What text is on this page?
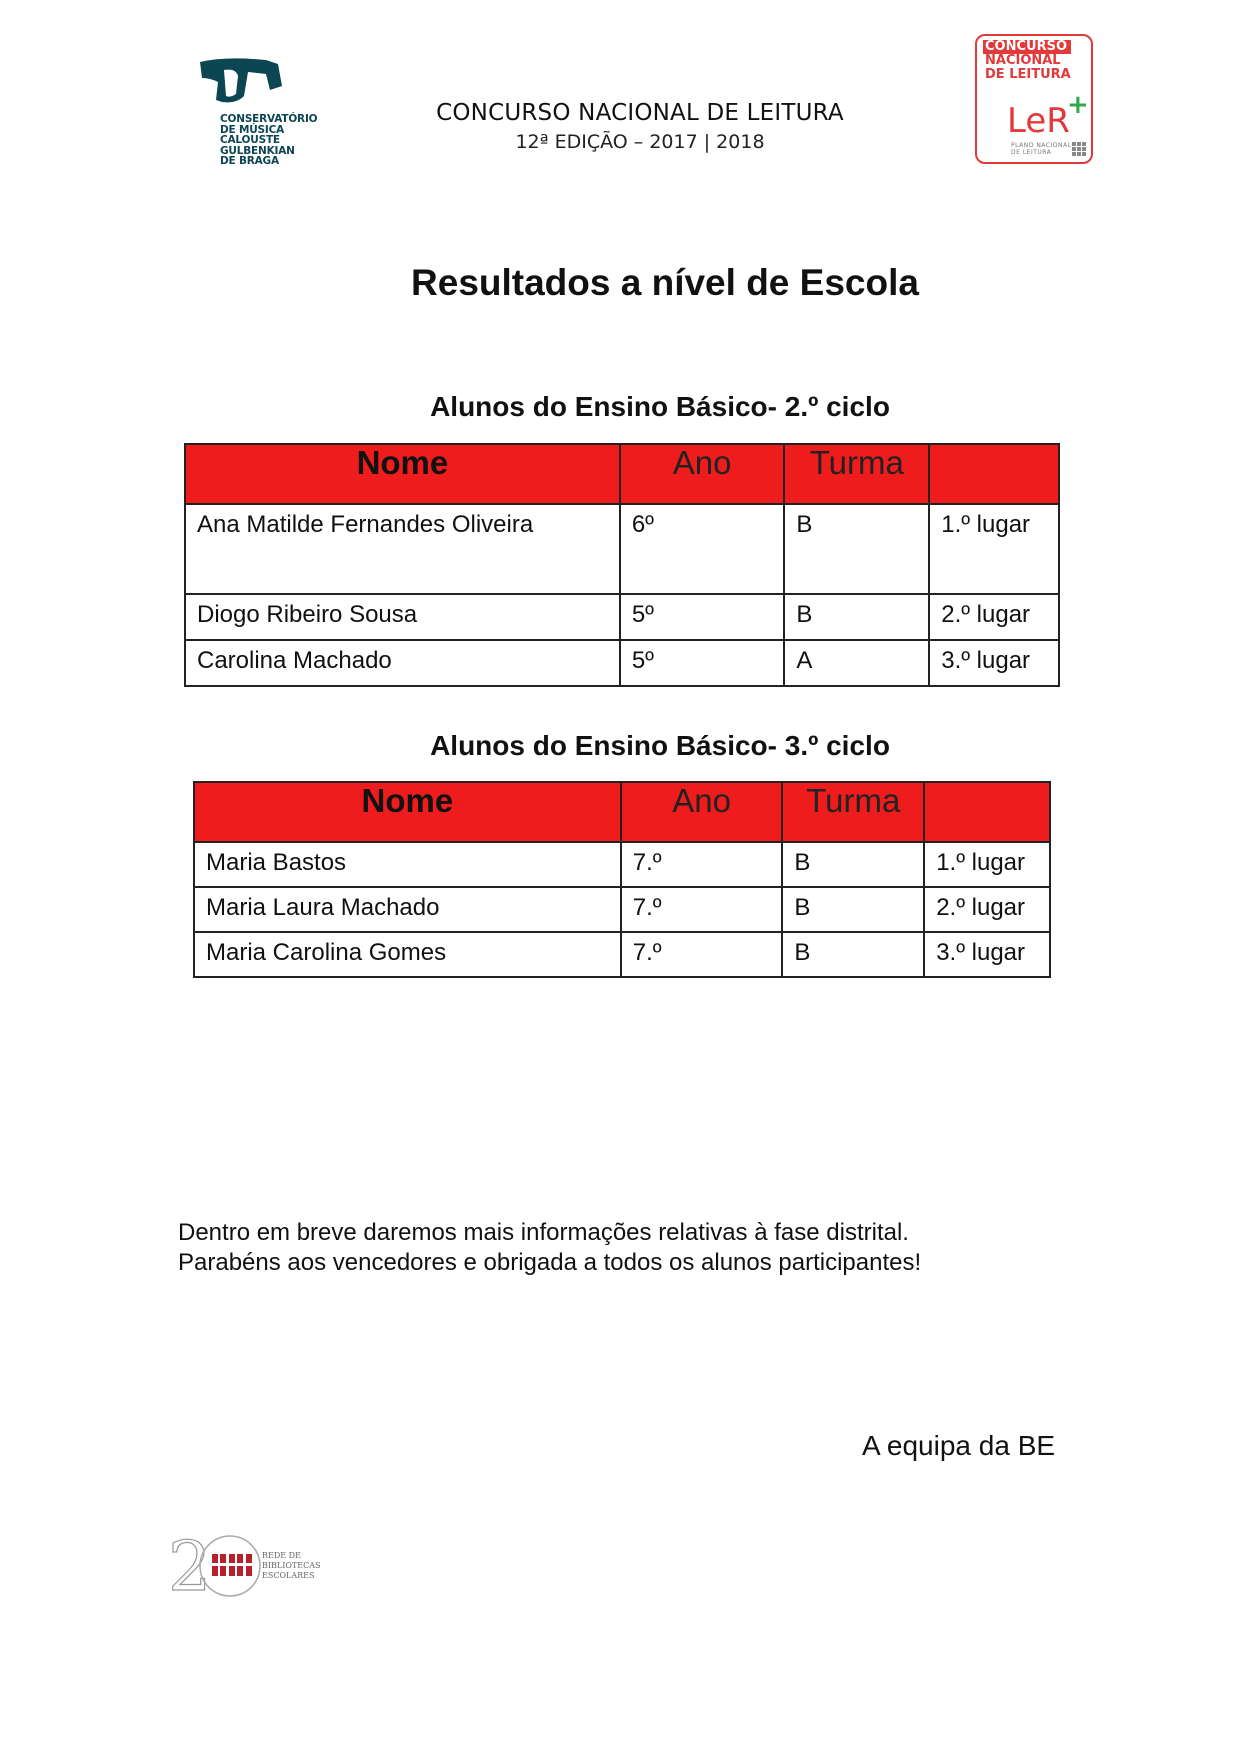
CONSERVATÓRIO
DE MÚSICA
CALOUSTE
GULBENKIAN
DE BRAGA
CONCURSO NACIONAL DE LEITURA
12ª EDIÇÃO – 2017 | 2018
CONCURSO
NACIONAL
DE LEITURA
LeR
+
PLANO NACIONAL
DE LEITURA
Resultados a nível de Escola
Alunos do Ensino Básico- 2.º ciclo
Nome	Ano	Turma	
Ana Matilde Fernandes Oliveira	6º	B	1.º lugar
Diogo Ribeiro Sousa	5º	B	2.º lugar
Carolina Machado	5º	A	3.º lugar
Alunos do Ensino Básico- 3.º ciclo
Nome	Ano	Turma	
Maria Bastos	7.º	B	1.º lugar
Maria Laura Machado	7.º	B	2.º lugar
Maria Carolina Gomes	7.º	B	3.º lugar
Dentro em breve daremos mais informações relativas à fase distrital.
Parabéns aos vencedores e obrigada a todos os alunos participantes!
A equipa da BE
2	REDE DE
BIBLIOTECAS
ESCOLARES
